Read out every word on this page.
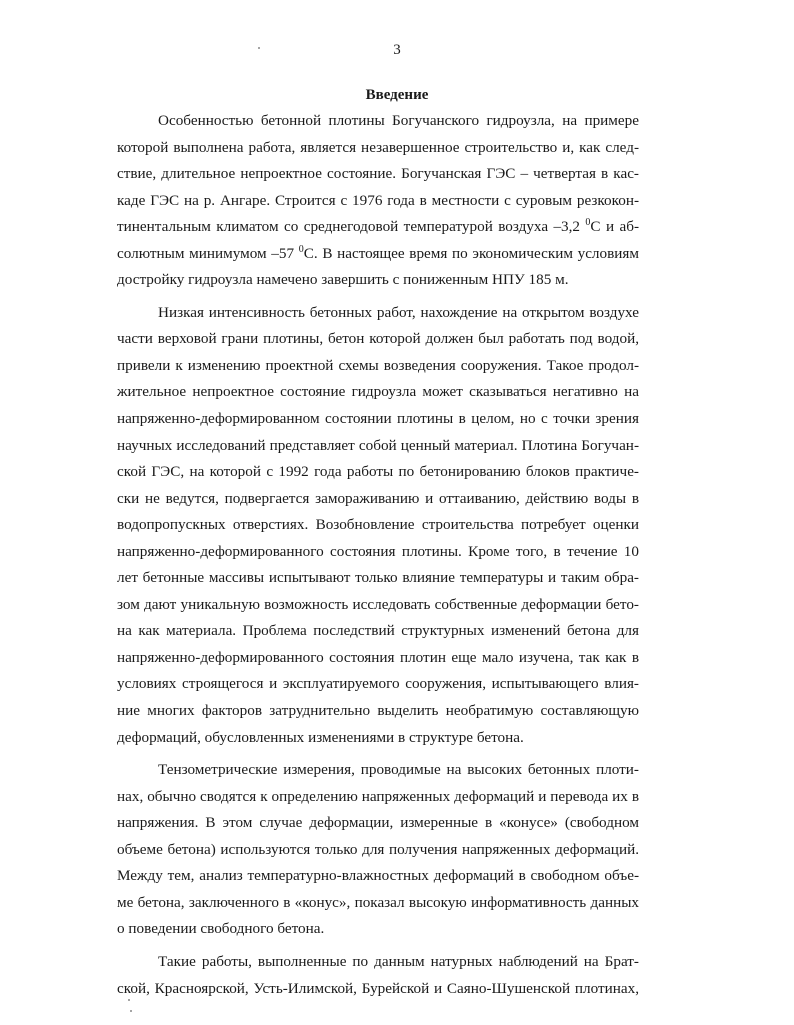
3
Введение
Особенностью бетонной плотины Богучанского гидроузла, на примере
которой выполнена работа, является незавершенное строительство и, как след-
ствие, длительное непроектное состояние. Богучанская ГЭС – четвертая в кас-
каде ГЭС на р. Ангаре. Строится с 1976 года в местности с суровым резкокон-
тинентальным климатом со среднегодовой температурой воздуха –3,2 $^0$C и аб-
солютным минимумом –57 $^0$C. В настоящее время по экономическим условиям
достройку гидроузла намечено завершить с пониженным НПУ 185 м.
Низкая интенсивность бетонных работ, нахождение на открытом воздухе
части верховой грани плотины, бетон которой должен был работать под водой,
привели к изменению проектной схемы возведения сооружения. Такое продол-
жительное непроектное состояние гидроузла может сказываться негативно на
напряженно-деформированном состоянии плотины в целом, но с точки зрения
научных исследований представляет собой ценный материал. Плотина Богучан-
ской ГЭС, на которой с 1992 года работы по бетонированию блоков практиче-
ски не ведутся, подвергается замораживанию и оттаиванию, действию воды в
водопропускных отверстиях. Возобновление строительства потребует оценки
напряженно-деформированного состояния плотины. Кроме того, в течение 10
лет бетонные массивы испытывают только влияние температуры и таким обра-
зом дают уникальную возможность исследовать собственные деформации бето-
на как материала. Проблема последствий структурных изменений бетона для
напряженно-деформированного состояния плотин еще мало изучена, так как в
условиях строящегося и эксплуатируемого сооружения, испытывающего влия-
ние многих факторов затруднительно выделить необратимую составляющую
деформаций, обусловленных изменениями в структуре бетона.
Тензометрические измерения, проводимые на высоких бетонных плоти-
нах, обычно сводятся к определению напряженных деформаций и перевода их в
напряжения. В этом случае деформации, измеренные в «конусе» (свободном
объеме бетона) используются только для получения напряженных деформаций.
Между тем, анализ температурно-влажностных деформаций в свободном объе-
ме бетона, заключенного в «конус», показал высокую информативность данных
о поведении свободного бетона.
Такие работы, выполненные по данным натурных наблюдений на Брат-
ской, Красноярской, Усть-Илимской, Бурейской и Саяно-Шушенской плотинах,
